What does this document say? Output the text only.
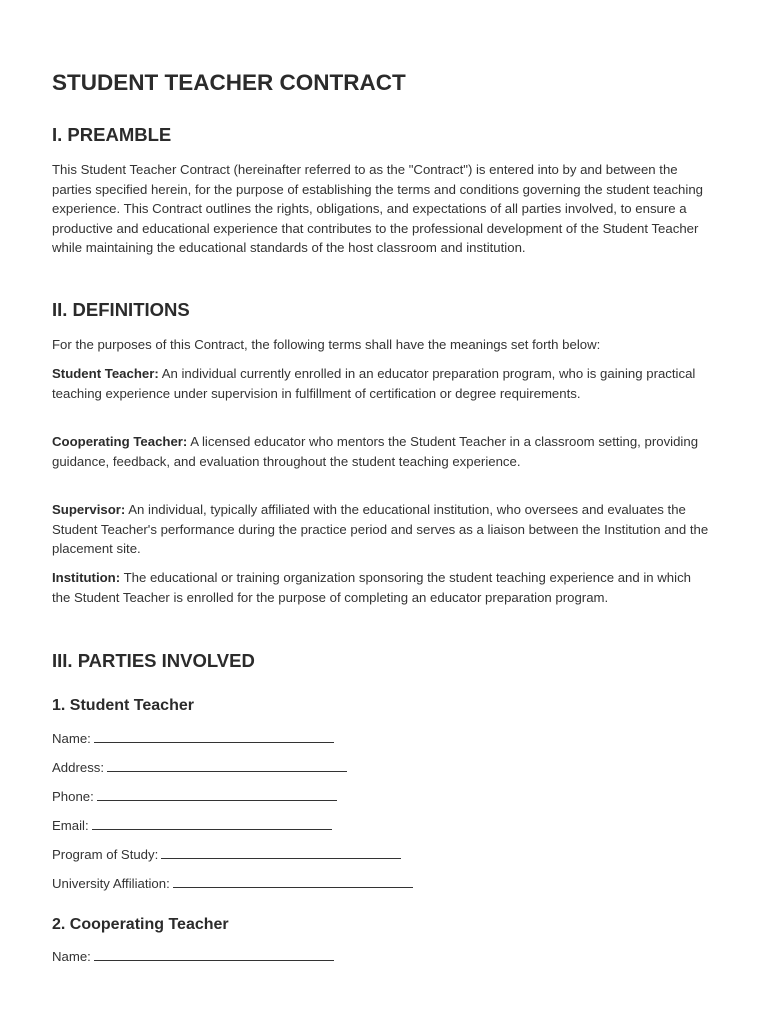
STUDENT TEACHER CONTRACT
I. PREAMBLE

This Student Teacher Contract (hereinafter referred to as the "Contract") is entered into by and between the parties specified herein, for the purpose of establishing the terms and conditions governing the student teaching experience. This Contract outlines the rights, obligations, and expectations of all parties involved, to ensure a productive and educational experience that contributes to the professional development of the Student Teacher while maintaining the educational standards of the host classroom and institution.

II. DEFINITIONS

For the purposes of this Contract, the following terms shall have the meanings set forth below:

Student Teacher: An individual currently enrolled in an educator preparation program, who is gaining practical teaching experience under supervision in fulfillment of certification or degree requirements.

Cooperating Teacher: A licensed educator who mentors the Student Teacher in a classroom setting, providing guidance, feedback, and evaluation throughout the student teaching experience.

Supervisor: An individual, typically affiliated with the educational institution, who oversees and evaluates the Student Teacher's performance during the practice period and serves as a liaison between the Institution and the placement site.

Institution: The educational or training organization sponsoring the student teaching experience and in which the Student Teacher is enrolled for the purpose of completing an educator preparation program.

III. PARTIES INVOLVED
1. Student Teacher
Name:
Address:
Phone:
Email:
Program of Study:
University Affiliation:
2. Cooperating Teacher
Name:
